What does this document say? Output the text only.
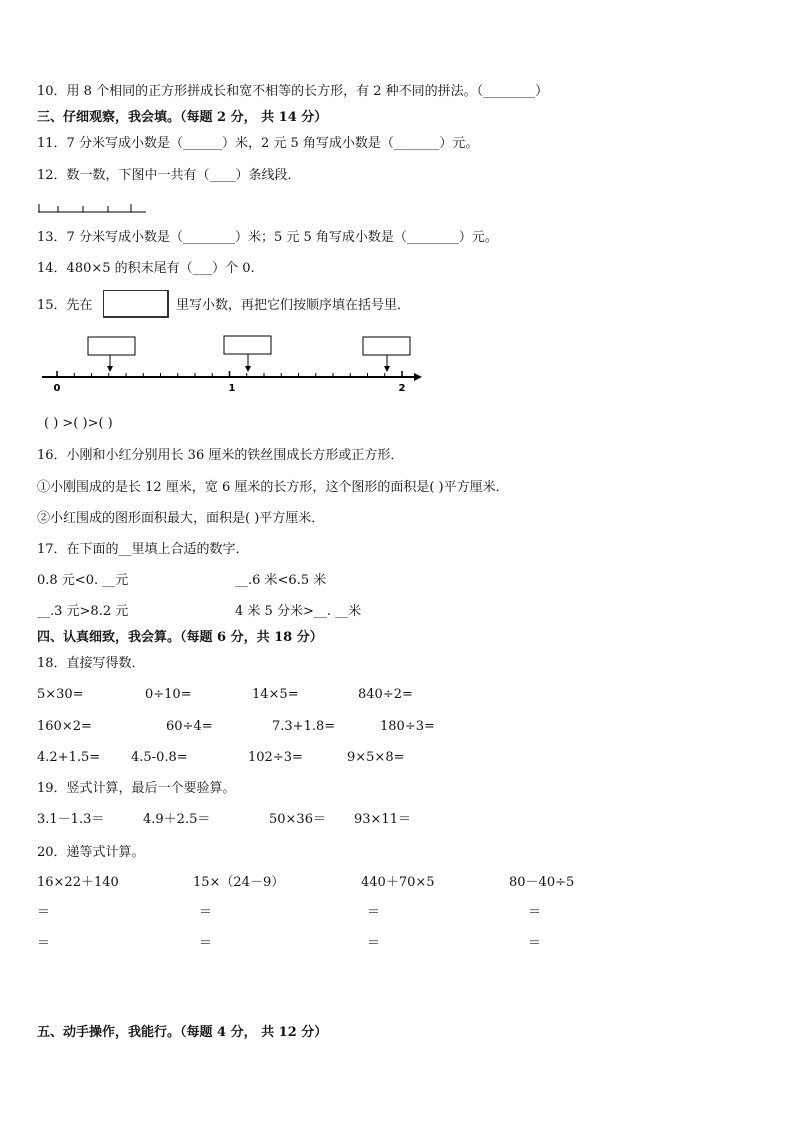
10．用 8 个相同的正方形拼成长和宽不相等的长方形，有 2 种不同的拼法。（________）
三、仔细观察，我会填。（每题 2 分， 共 14 分）
11．7 分米写成小数是（______）米，2 元 5 角写成小数是（_______）元。
12．数一数，下图中一共有（____）条线段．
13．7 分米写成小数是（________）米；5 元 5 角写成小数是（________）元。
14．480×5 的积末尾有（___）个 0.
15．先在	里写小数，再把它们按顺序填在括号里．
0	1	2
( ) >( )>( )
16．小刚和小红分别用长 36 厘米的铁丝围成长方形或正方形．
①小刚围成的是长 12 厘米，宽 6 厘米的长方形，这个图形的面积是( )平方厘米．
②小红围成的图形面积最大，面积是( )平方厘米．
17．在下面的__里填上合适的数字．
0.8 元<0. __元	__.6 米<6.5 米
__.3 元>8.2 元	4 米 5 分米>__. __米
四、认真细致，我会算。（每题 6 分，共 18 分）
18．直接写得数．
5×30=	0÷10=	14×5=	840÷2=
160×2=	60÷4=	7.3+1.8=	180÷3=
4.2+1.5= 4.5-0.8=	102÷3=	9×5×8=
19．竖式计算，最后一个要验算。
3.1－1.3＝	4.9＋2.5＝	50×36＝ 93×11＝
20．递等式计算。
16×22＋140	15×（24－9）	440＋70×5	80－40÷5
＝	＝	＝	＝
＝	＝	＝	＝
五、动手操作，我能行。（每题 4 分， 共 12 分）
